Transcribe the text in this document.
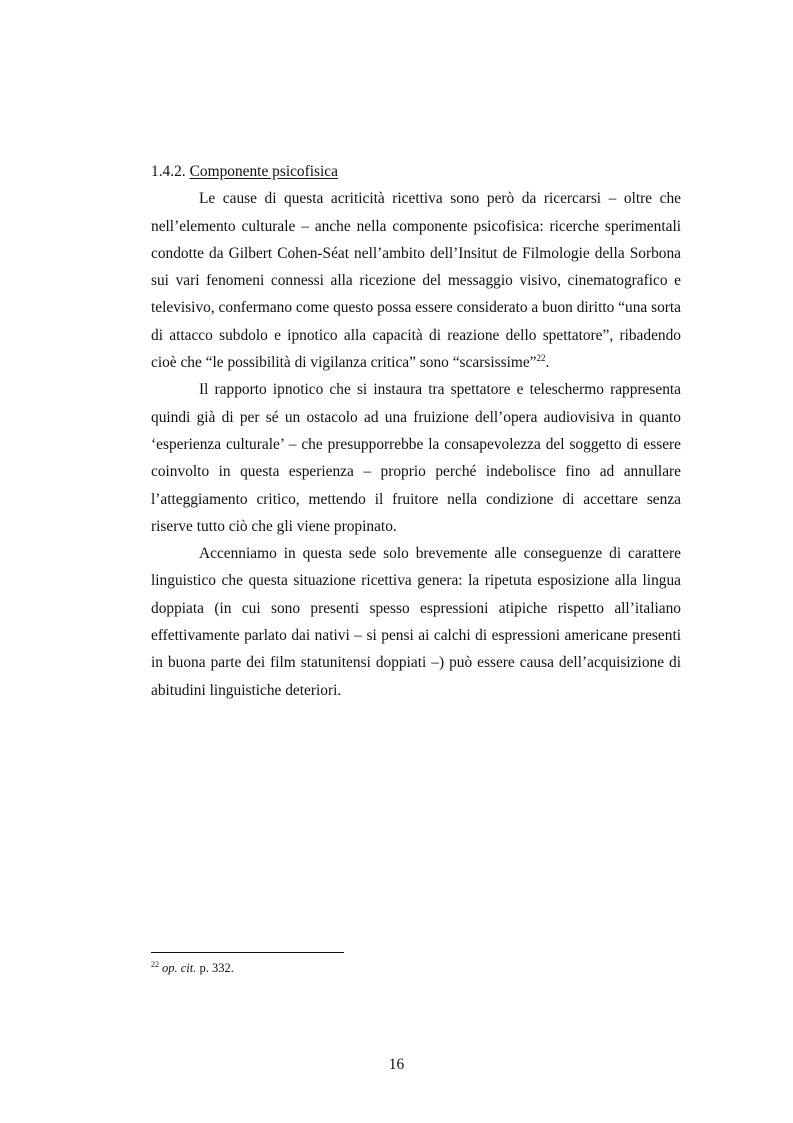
1.4.2. Componente psicofisica

Le cause di questa acriticità ricettiva sono però da ricercarsi – oltre che nell’elemento culturale – anche nella componente psicofisica: ricerche sperimentali condotte da Gilbert Cohen-Séat nell’ambito dell’Insitut de Filmologie della Sorbona sui vari fenomeni connessi alla ricezione del messaggio visivo, cinematografico e televisivo, confermano come questo possa essere considerato a buon diritto “una sorta di attacco subdolo e ipnotico alla capacità di reazione dello spettatore”, ribadendo cioè che “le possibilità di vigilanza critica” sono “scarsissime”$^{22}$.

Il rapporto ipnotico che si instaura tra spettatore e teleschermo rappresenta quindi già di per sé un ostacolo ad una fruizione dell’opera audiovisiva in quanto ‘esperienza culturale’ – che presupporrebbe la consapevolezza del soggetto di essere coinvolto in questa esperienza – proprio perché indebolisce fino ad annullare l’atteggiamento critico, mettendo il fruitore nella condizione di accettare senza riserve tutto ciò che gli viene propinato.

Accenniamo in questa sede solo brevemente alle conseguenze di carattere linguistico che questa situazione ricettiva genera: la ripetuta esposizione alla lingua doppiata (in cui sono presenti spesso espressioni atipiche rispetto all’italiano effettivamente parlato dai nativi – si pensi ai calchi di espressioni americane presenti in buona parte dei film statunitensi doppiati –) può essere causa dell’acquisizione di abitudini linguistiche deteriori.

$^{22}$ op. cit. p. 332.
16
